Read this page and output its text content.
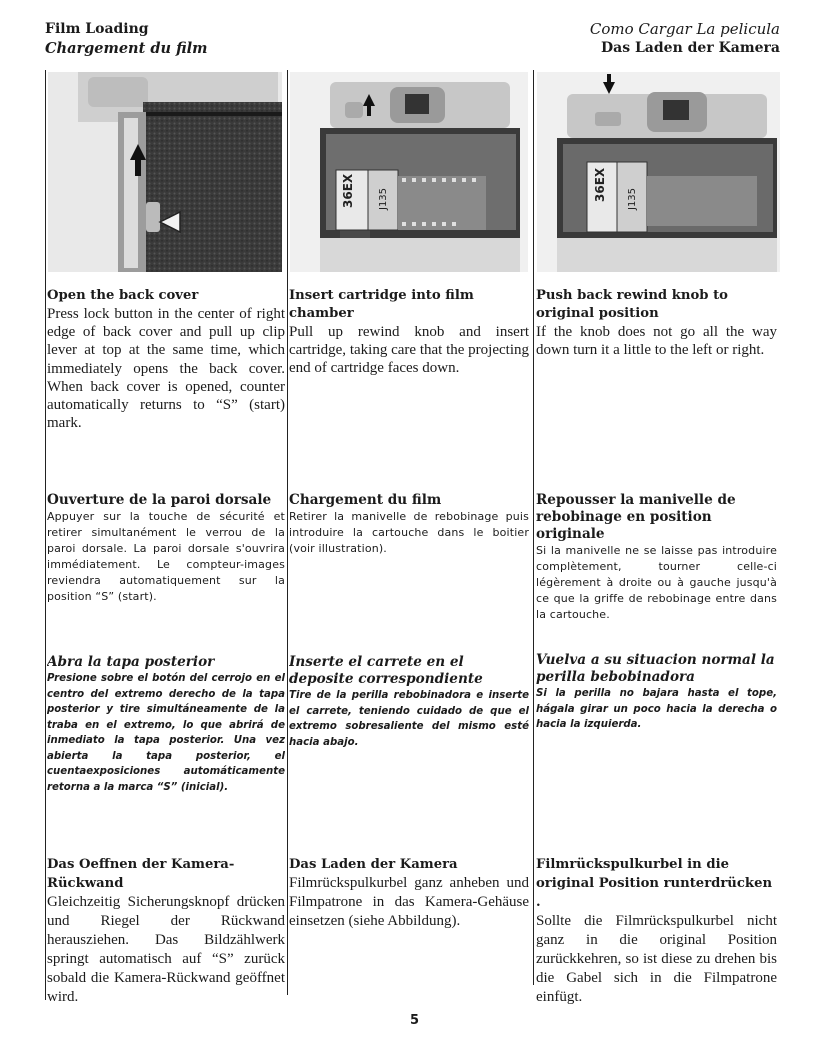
Film Loading
Chargement du film
Como Cargar La pelicula
Das Laden der Kamera
36EX J135	36EX J135
Open the back cover
Press lock button in the center of right edge of back cover and pull up clip lever at top at the same time, which immediately opens the back cover. When back cover is opened, counter automatically returns to “S” (start) mark.
Insert cartridge into film chamber
Pull up rewind knob and insert cartridge, taking care that the projecting end of cartridge faces down.
Push back rewind knob to original position
If the knob does not go all the way down turn it a little to the left or right.
Ouverture de la paroi dorsale
Appuyer sur la touche de sécurité et retirer simultanément le verrou de la paroi dorsale. La paroi dorsale s'ouvrira immédiatement. Le compteur-images reviendra automatiquement sur la position “S” (start).
Chargement du film
Retirer la manivelle de rebobinage puis introduire la cartouche dans le boitier (voir illustration).
Repousser la manivelle de rebobinage en position originale
Si la manivelle ne se laisse pas introduire complètement, tourner celle-ci légèrement à droite ou à gauche jusqu'à ce que la griffe de rebobinage entre dans la cartouche.
Abra la tapa posterior
Presione sobre el botón del cerrojo en el centro del extremo derecho de la tapa posterior y tire simultáneamente de la traba en el extremo, lo que abrirá de inmediato la tapa posterior. Una vez abierta la tapa posterior, el cuentaexposiciones automáticamente retorna a la marca “S” (inicial).
Inserte el carrete en el deposite correspondiente
Tire de la perilla rebobinadora e inserte el carrete, teniendo cuidado de que el extremo sobresaliente del mismo esté hacia abajo.
Vuelva a su situacion normal la perilla bebobinadora
Si la perilla no bajara hasta el tope, hágala girar un poco hacia la derecha o hacia la izquierda.
Das Oeffnen der Kamera-Rückwand
Gleichzeitig Sicherungsknopf drücken und Riegel der Rückwand herausziehen. Das Bildzählwerk springt automatisch auf “S” zurück sobald die Kamera-Rückwand geöffnet wird.
Das Laden der Kamera
Filmrückspulkurbel ganz anheben und Filmpatrone in das Kamera-Gehäuse einsetzen (siehe Abbildung).
Filmrückspulkurbel in die original Position runterdrücken .
Sollte die Filmrückspulkurbel nicht ganz in die original Position zurückkehren, so ist diese zu drehen bis die Gabel sich in die Filmpatrone einfügt.
5
